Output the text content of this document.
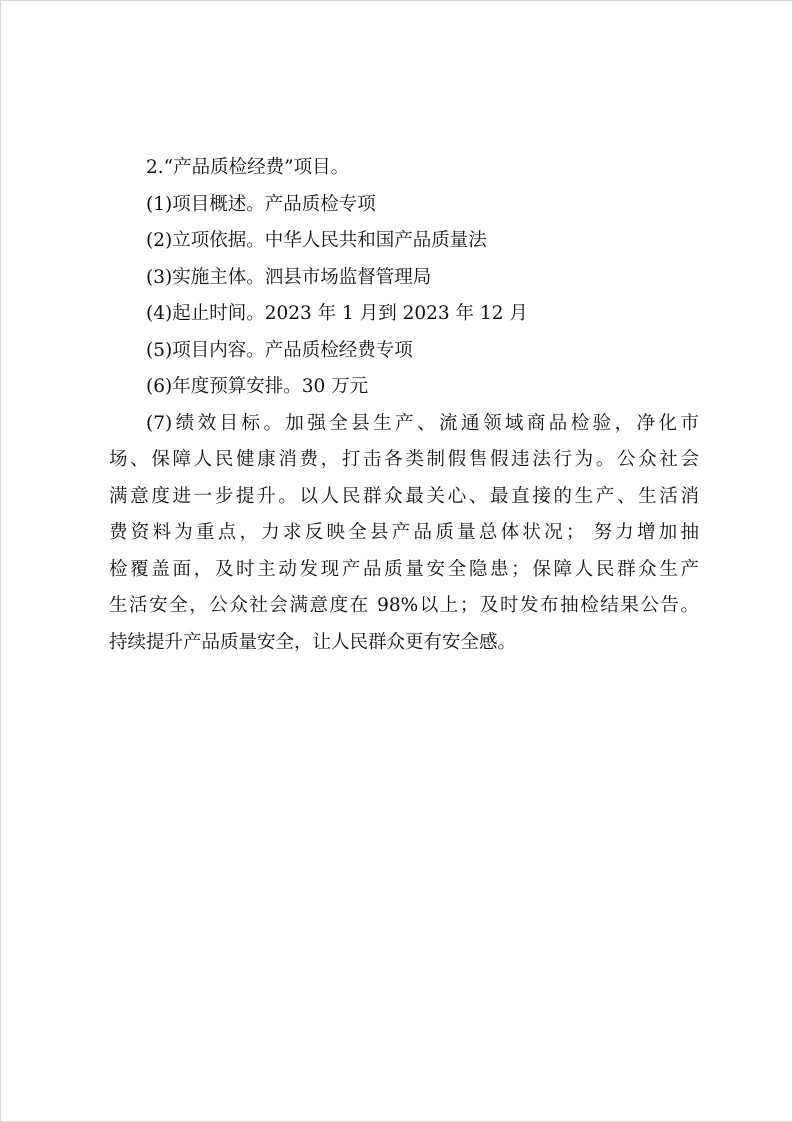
2.“产品质检经费”项目。
(1)项目概述。产品质检专项
(2)立项依据。中华人民共和国产品质量法
(3)实施主体。泗县市场监督管理局
(4)起止时间。2023 年 1 月到 2023 年 12 月
(5)项目内容。产品质检经费专项
(6)年度预算安排。30 万元
(7)绩效目标。加强全县生产、流通领域商品检验，净化市
场、保障人民健康消费，打击各类制假售假违法行为。公众社会
满意度进一步提升。以人民群众最关心、最直接的生产、生活消
费资料为重点，力求反映全县产品质量总体状况； 努力增加抽
检覆盖面，及时主动发现产品质量安全隐患；保障人民群众生产
生活安全，公众社会满意度在 98%以上；及时发布抽检结果公告。
持续提升产品质量安全，让人民群众更有安全感。
